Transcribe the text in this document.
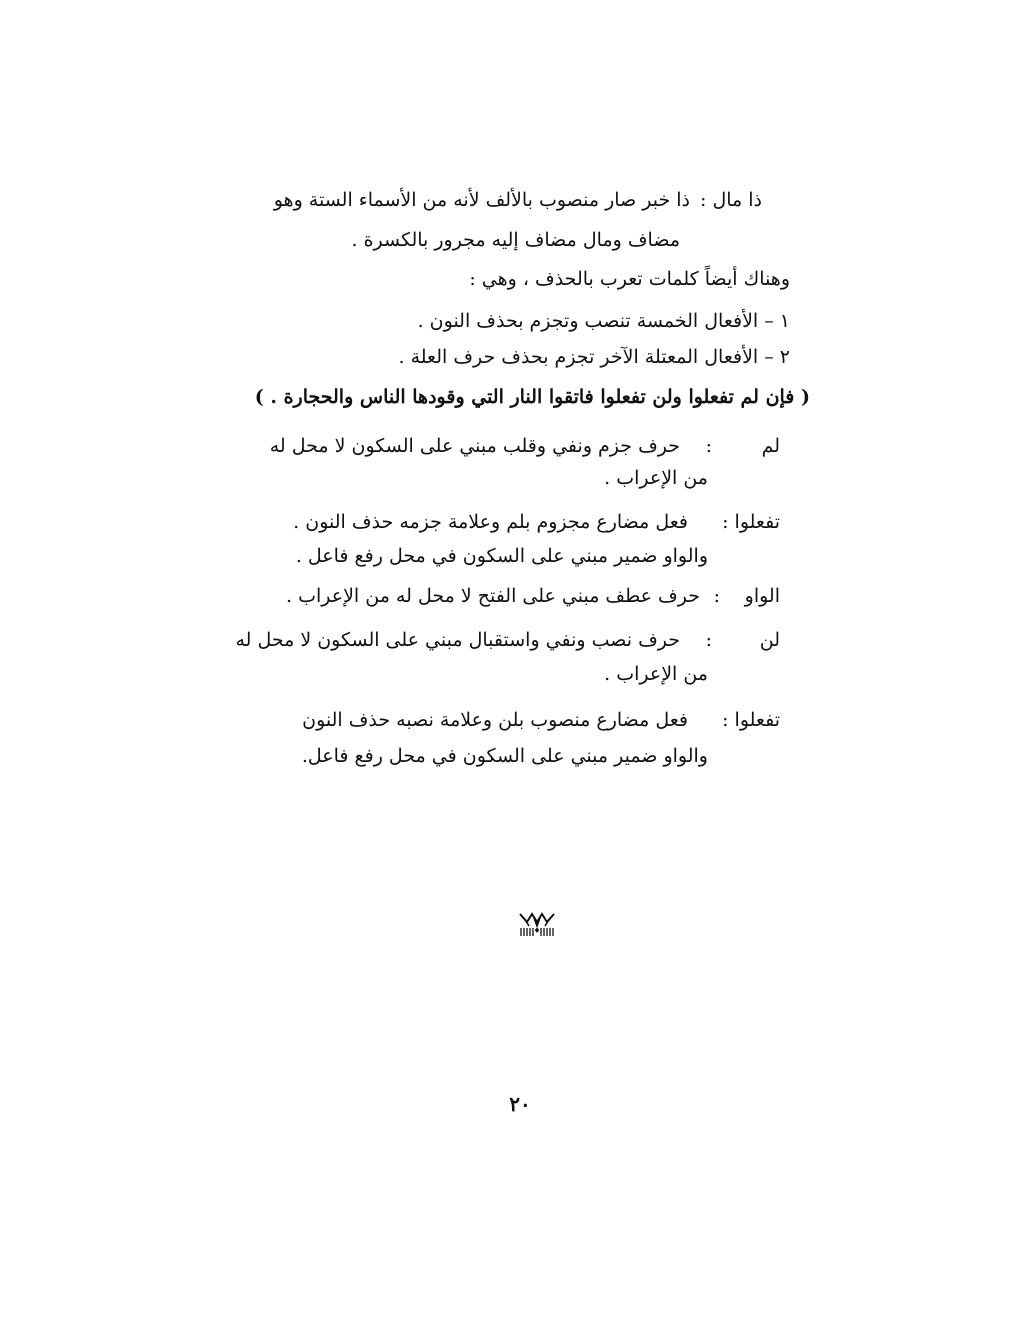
ذا مال :
ذا خبر صار منصوب بالألف لأنه من الأسماء الستة وهو
مضاف ومال مضاف إليه مجرور بالكسرة .
وهناك أيضاً كلمات تعرب بالحذف ، وهي :
١ – الأفعال الخمسة تنصب وتجزم بحذف النون .
٢ – الأفعال المعتلة الآخر تجزم بحذف حرف العلة .
( فإن لم تفعلوا ولن تفعلوا فاتقوا النار التي وقودها الناس والحجارة . )
لم
:
حرف جزم ونفي وقلب مبني على السكون لا محل له
من الإعراب .
تفعلوا :
فعل مضارع مجزوم بلم وعلامة جزمه حذف النون .
والواو ضمير مبني على السكون في محل رفع فاعل .
الواو
:
حرف عطف مبني على الفتح لا محل له من الإعراب .
لن
:
حرف نصب ونفي واستقبال مبني على السكون لا محل له
من الإعراب .
تفعلوا :
فعل مضارع منصوب بلن وعلامة نصبه حذف النون
والواو ضمير مبني على السكون في محل رفع فاعل.
٢٠
